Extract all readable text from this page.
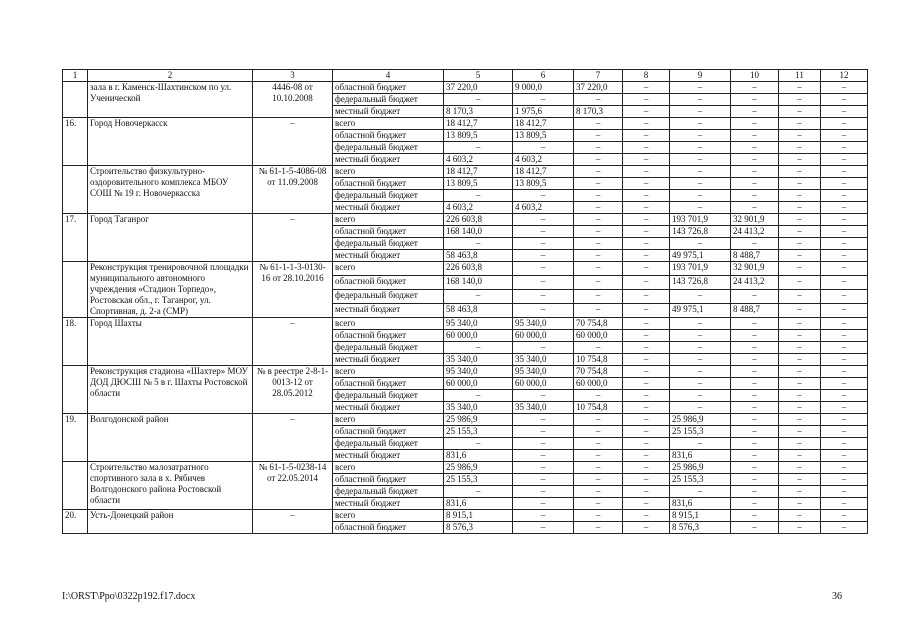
1	2	3	4	5	6	7	8	9	10	11	12
	зала в г. Каменск-Шахтинском по ул. Ученической	4446-08 от 10.10.2008	областной бюджет	37 220,0	9 000,0	37 220,0	–	–	–	–	–
			федеральный бюджет	–	–	–	–	–	–	–	–
			местный бюджет	8 170,3	1 975,6	8 170,3	–	–	–	–	–
16.	Город Новочеркасск	–	всего	18 412,7	18 412,7	–	–	–	–	–	–
			областной бюджет	13 809,5	13 809,5	–	–	–	–	–	–
			федеральный бюджет	–	–	–	–	–	–	–	–
			местный бюджет	4 603,2	4 603,2	–	–	–	–	–	–
	Строительство физкультурно-оздоровительного комплекса МБОУ СОШ № 19 г. Новочеркасска	№ 61-1-5-4086-08 от 11.09.2008	всего	18 412,7	18 412,7	–	–	–	–	–	–
			областной бюджет	13 809,5	13 809,5	–	–	–	–	–	–
			федеральный бюджет	–	–	–	–	–	–	–	–
			местный бюджет	4 603,2	4 603,2	–	–	–	–	–	–
17.	Город Таганрог	–	всего	226 603,8	–	–	–	193 701,9	32 901,9	–	–
			областной бюджет	168 140,0	–	–	–	143 726,8	24 413,2	–	–
			федеральный бюджет	–	–	–	–	–	–	–	–
			местный бюджет	58 463,8	–	–	–	49 975,1	8 488,7	–	–
	Реконструкция тренировочной площадки муниципального автономного учреждения «Стадион Торпедо», Ростовская обл., г. Таганрог, ул. Спортивная, д. 2-а (СМР)	№ 61-1-1-3-0130-16 от 28.10.2016	всего	226 603,8	–	–	–	193 701,9	32 901,9	–	–
			областной бюджет	168 140,0	–	–	–	143 726,8	24 413,2	–	–
			федеральный бюджет	–	–	–	–	–	–	–	–
			местный бюджет	58 463,8	–	–	–	49 975,1	8 488,7	–	–
18.	Город Шахты	–	всего	95 340,0	95 340,0	70 754,8	–	–	–	–	–
			областной бюджет	60 000,0	60 000,0	60 000,0	–	–	–	–	–
			федеральный бюджет	–	–	–	–	–	–	–	–
			местный бюджет	35 340,0	35 340,0	10 754,8	–	–	–	–	–
	Реконструкция стадиона «Шахтер» МОУ ДОД ДЮСШ № 5 в г. Шахты Ростовской области	№ в реестре 2-8-1-0013-12 от 28.05.2012	всего	95 340,0	95 340,0	70 754,8	–	–	–	–	–
			областной бюджет	60 000,0	60 000,0	60 000,0	–	–	–	–	–
			федеральный бюджет	–	–	–	–	–	–	–	–
			местный бюджет	35 340,0	35 340,0	10 754,8	–	–	–	–	–
19.	Волгодонской район	–	всего	25 986,9	–	–	–	25 986,9	–	–	–
			областной бюджет	25 155,3	–	–	–	25 155,3	–	–	–
			федеральный бюджет	–	–	–	–	–	–	–	–
			местный бюджет	831,6	–	–	–	831,6	–	–	–
	Строительство малозатратного спортивного зала в х. Рябичев Волгодонского района Ростовской области	№ 61-1-5-0238-14 от 22.05.2014	всего	25 986,9	–	–	–	25 986,9	–	–	–
			областной бюджет	25 155,3	–	–	–	25 155,3	–	–	–
			федеральный бюджет	–	–	–	–	–	–	–	–
			местный бюджет	831,6	–	–	–	831,6	–	–	–
20.	Усть-Донецкий район	–	всего	8 915,1	–	–	–	8 915,1	–	–	–
			областной бюджет	8 576,3	–	–	–	8 576,3	–	–	–
I:\ORST\Ppo\0322p192.f17.docx	36
